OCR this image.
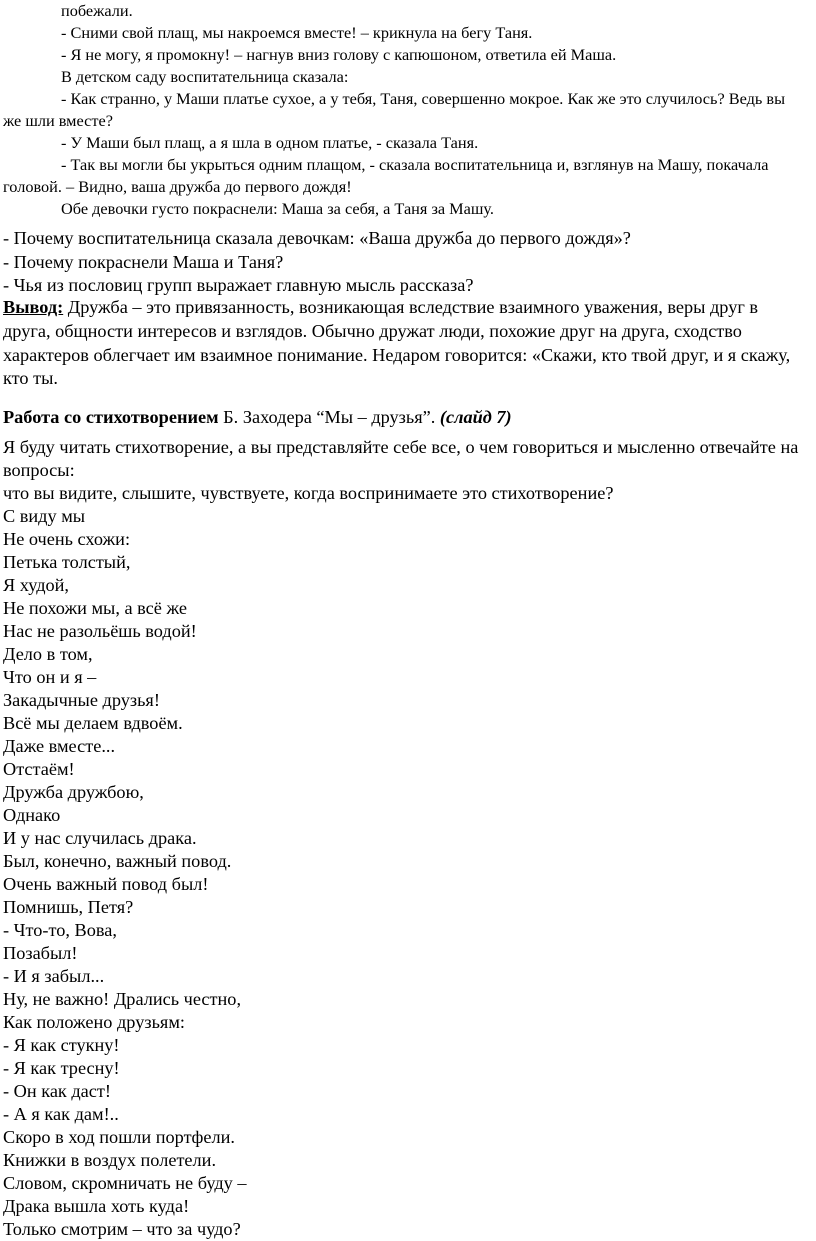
побежали.

- Сними свой плащ, мы накроемся вместе! – крикнула на бегу Таня.

- Я не могу, я промокну! – нагнув вниз голову с капюшоном, ответила ей Маша.

В детском саду воспитательница сказала:

- Как странно, у Маши платье сухое, а у тебя, Таня, совершенно мокрое. Как же это случилось? Ведь вы же шли вместе?

- У Маши был плащ, а я шла в одном платье, - сказала Таня.

- Так вы могли бы укрыться одним плащом, - сказала воспитательница и, взглянув на Машу, покачала головой. – Видно, ваша дружба до первого дождя!

Обе девочки густо покраснели: Маша за себя, а Таня за Машу.

- Почему воспитательница сказала девочкам: «Ваша дружба до первого дождя»?

- Почему покраснели Маша и Таня?

- Чья из пословиц групп выражает главную мысль рассказа?

Вывод: Дружба – это привязанность, возникающая вследствие взаимного уважения, веры друг в друга, общности интересов и взглядов. Обычно дружат люди, похожие друг на друга, сходство характеров облегчает им взаимное понимание. Недаром говорится: «Скажи, кто твой друг, и я скажу, кто ты.

Работа со стихотворением Б. Заходера “Мы – друзья”. (слайд 7)

Я буду читать стихотворение, а вы представляйте себе все, о чем говориться и мысленно отвечайте на вопросы:

что вы видите, слышите, чувствуете, когда воспринимаете это стихотворение?

С виду мы
Не очень схожи:
Петька толстый,
Я худой,
Не похожи мы, а всё же
Нас не разольёшь водой!
Дело в том,
Что он и я –
Закадычные друзья!
Всё мы делаем вдвоём.
Даже вместе...
Отстаём!
Дружба дружбою,
Однако
И у нас случилась драка.
Был, конечно, важный повод.
Очень важный повод был!
Помнишь, Петя?
- Что-то, Вова,
Позабыл!
- И я забыл...
Ну, не важно! Дрались честно,
Как положено друзьям:
- Я как стукну!
- Я как тресну!
- Он как даст!
- А я как дам!..
Скоро в ход пошли портфели.
Книжки в воздух полетели.
Словом, скромничать не буду –
Драка вышла хоть куда!
Только смотрим – что за чудо?
